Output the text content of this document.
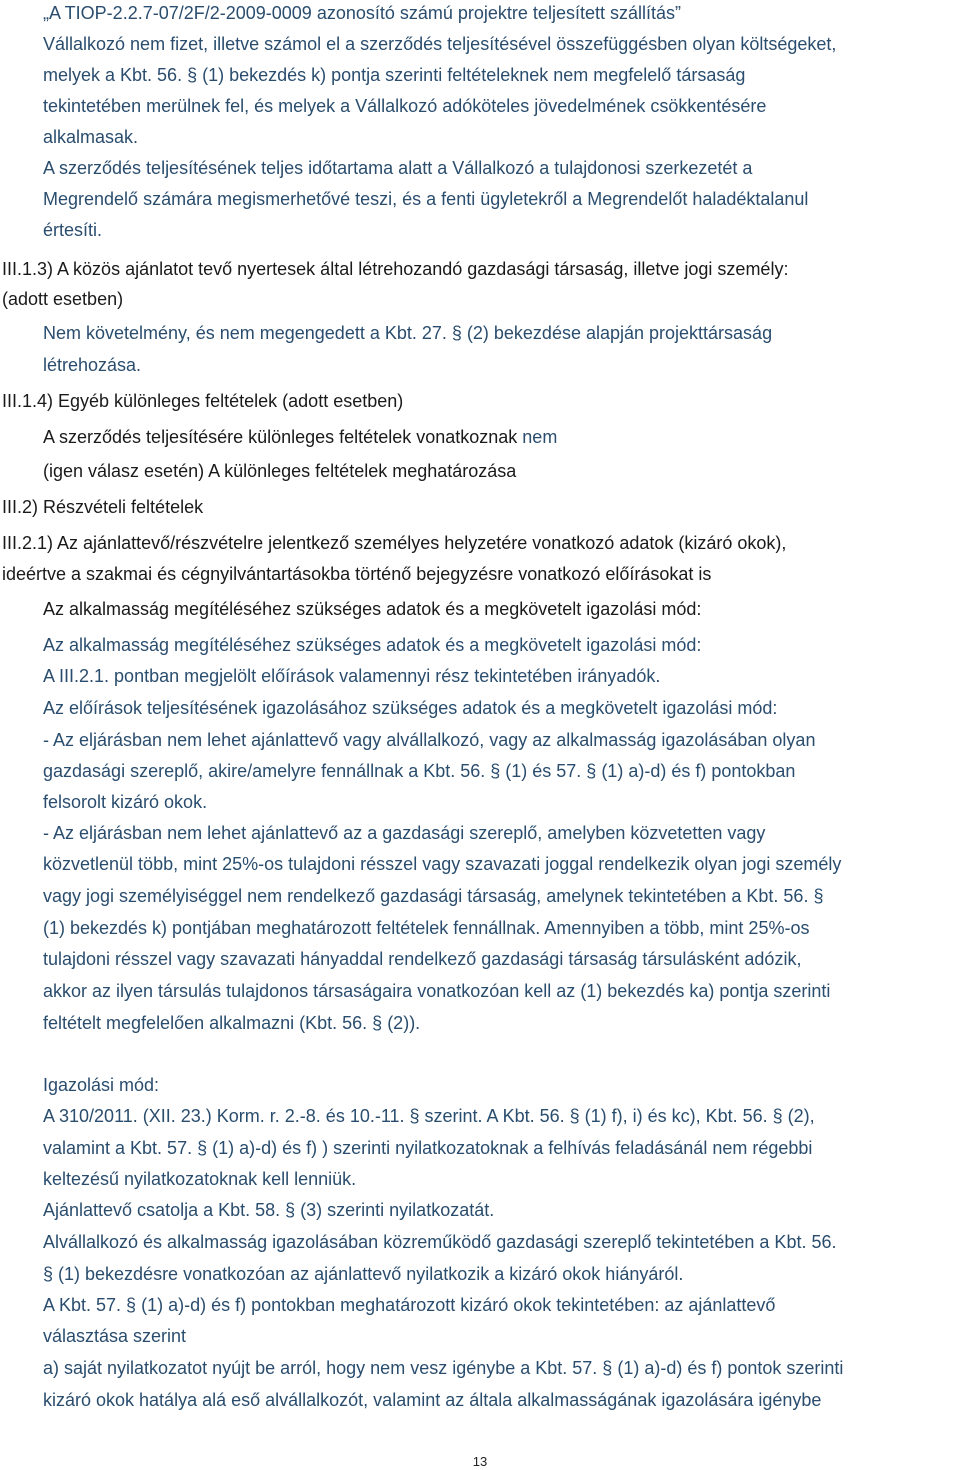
„A TIOP-2.2.7-07/2F/2-2009-0009 azonosító számú projektre teljesített szállítás”
Vállalkozó nem fizet, illetve számol el a szerződés teljesítésével összefüggésben olyan költségeket,
melyek a Kbt. 56. § (1) bekezdés k) pontja szerinti feltételeknek nem megfelelő társaság
tekintetében merülnek fel, és melyek a Vállalkozó adóköteles jövedelmének csökkentésére
alkalmasak.
A szerződés teljesítésének teljes időtartama alatt a Vállalkozó a tulajdonosi szerkezetét a
Megrendelő számára megismerhetővé teszi, és a fenti ügyletekről a Megrendelőt haladéktalanul
értesíti.
III.1.3) A közös ajánlatot tevő nyertesek által létrehozandó gazdasági társaság, illetve jogi személy:
(adott esetben)
Nem követelmény, és nem megengedett a Kbt. 27. § (2) bekezdése alapján projekttársaság
létrehozása.
III.1.4) Egyéb különleges feltételek (adott esetben)
A szerződés teljesítésére különleges feltételek vonatkoznak nem
(igen válasz esetén) A különleges feltételek meghatározása
III.2) Részvételi feltételek
III.2.1) Az ajánlattevő/részvételre jelentkező személyes helyzetére vonatkozó adatok (kizáró okok),
ideértve a szakmai és cégnyilvántartásokba történő bejegyzésre vonatkozó előírásokat is
Az alkalmasság megítéléséhez szükséges adatok és a megkövetelt igazolási mód:
Az alkalmasság megítéléséhez szükséges adatok és a megkövetelt igazolási mód:
A III.2.1. pontban megjelölt előírások valamennyi rész tekintetében irányadók.
Az előírások teljesítésének igazolásához szükséges adatok és a megkövetelt igazolási mód:
- Az eljárásban nem lehet ajánlattevő vagy alvállalkozó, vagy az alkalmasság igazolásában olyan
gazdasági szereplő, akire/amelyre fennállnak a Kbt. 56. § (1) és 57. § (1) a)-d) és f) pontokban
felsorolt kizáró okok.
- Az eljárásban nem lehet ajánlattevő az a gazdasági szereplő, amelyben közvetetten vagy
közvetlenül több, mint 25%-os tulajdoni résszel vagy szavazati joggal rendelkezik olyan jogi személy
vagy jogi személyiséggel nem rendelkező gazdasági társaság, amelynek tekintetében a Kbt. 56. §
(1) bekezdés k) pontjában meghatározott feltételek fennállnak. Amennyiben a több, mint 25%-os
tulajdoni résszel vagy szavazati hányaddal rendelkező gazdasági társaság társulásként adózik,
akkor az ilyen társulás tulajdonos társaságaira vonatkozóan kell az (1) bekezdés ka) pontja szerinti
feltételt megfelelően alkalmazni (Kbt. 56. § (2)).
Igazolási mód:
A 310/2011. (XII. 23.) Korm. r. 2.-8. és 10.-11. § szerint. A Kbt. 56. § (1) f), i) és kc), Kbt. 56. § (2),
valamint a Kbt. 57. § (1) a)-d) és f) ) szerinti nyilatkozatoknak a felhívás feladásánál nem régebbi
keltezésű nyilatkozatoknak kell lenniük.
Ajánlattevő csatolja a Kbt. 58. § (3) szerinti nyilatkozatát.
Alvállalkozó és alkalmasság igazolásában közreműködő gazdasági szereplő tekintetében a Kbt. 56.
§ (1) bekezdésre vonatkozóan az ajánlattevő nyilatkozik a kizáró okok hiányáról.
A Kbt. 57. § (1) a)-d) és f) pontokban meghatározott kizáró okok tekintetében: az ajánlattevő
választása szerint
a) saját nyilatkozatot nyújt be arról, hogy nem vesz igénybe a Kbt. 57. § (1) a)-d) és f) pontok szerinti
kizáró okok hatálya alá eső alvállalkozót, valamint az általa alkalmasságának igazolására igénybe
13
